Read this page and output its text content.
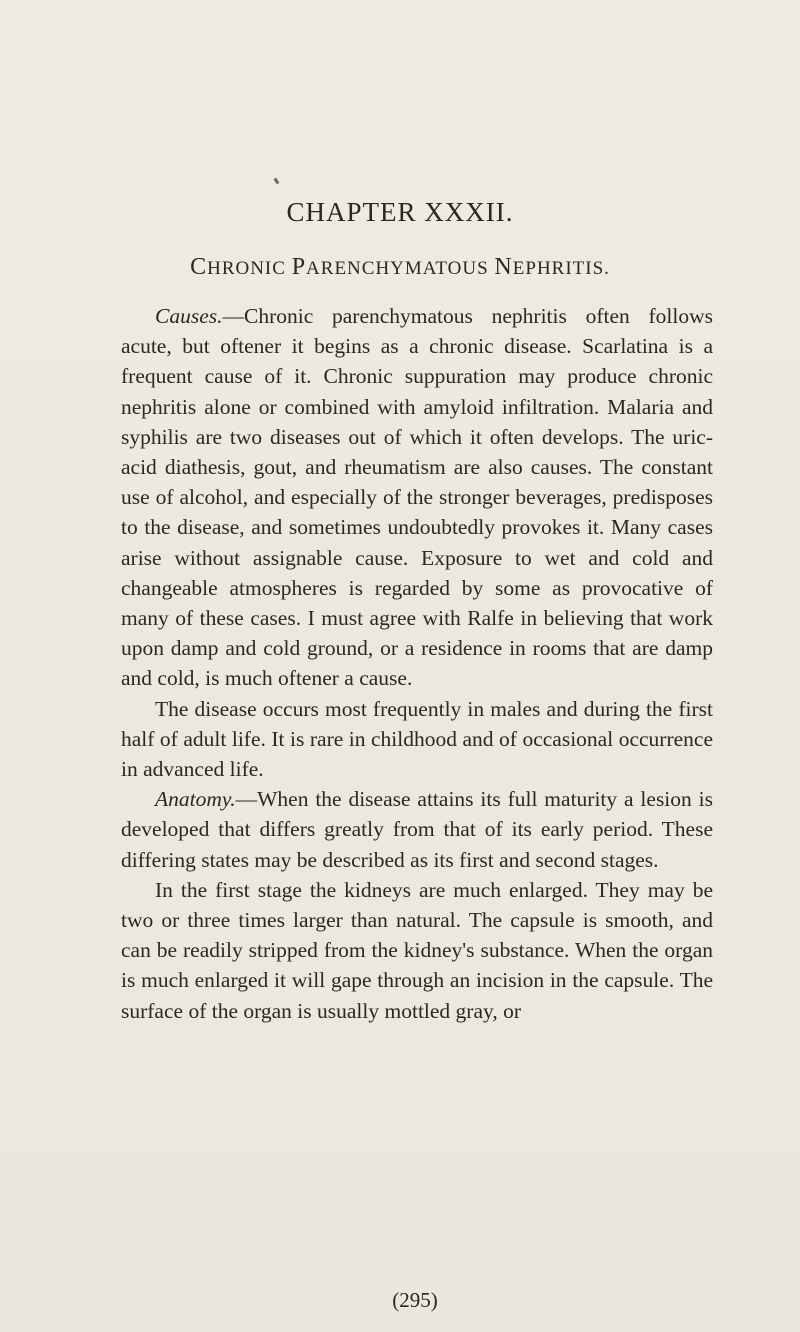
CHAPTER XXXII.
CHRONIC PARENCHYMATOUS NEPHRITIS.

Causes.—Chronic parenchymatous nephritis often follows acute, but oftener it begins as a chronic disease. Scarlatina is a frequent cause of it. Chronic suppuration may produce chronic nephritis alone or combined with amyloid infiltration. Malaria and syphilis are two diseases out of which it often develops. The uric-acid diathesis, gout, and rheumatism are also causes. The constant use of alcohol, and especially of the stronger beverages, predisposes to the disease, and sometimes undoubtedly provokes it. Many cases arise without assignable cause. Exposure to wet and cold and changeable atmospheres is regarded by some as provocative of many of these cases. I must agree with Ralfe in believing that work upon damp and cold ground, or a residence in rooms that are damp and cold, is much oftener a cause.

The disease occurs most frequently in males and during the first half of adult life. It is rare in childhood and of occasional occurrence in advanced life.

Anatomy.—When the disease attains its full maturity a lesion is developed that differs greatly from that of its early period. These differing states may be described as its first and second stages.

In the first stage the kidneys are much enlarged. They may be two or three times larger than natural. The capsule is smooth, and can be readily stripped from the kidney's substance. When the organ is much enlarged it will gape through an incision in the capsule. The surface of the organ is usually mottled gray, or

(295)
